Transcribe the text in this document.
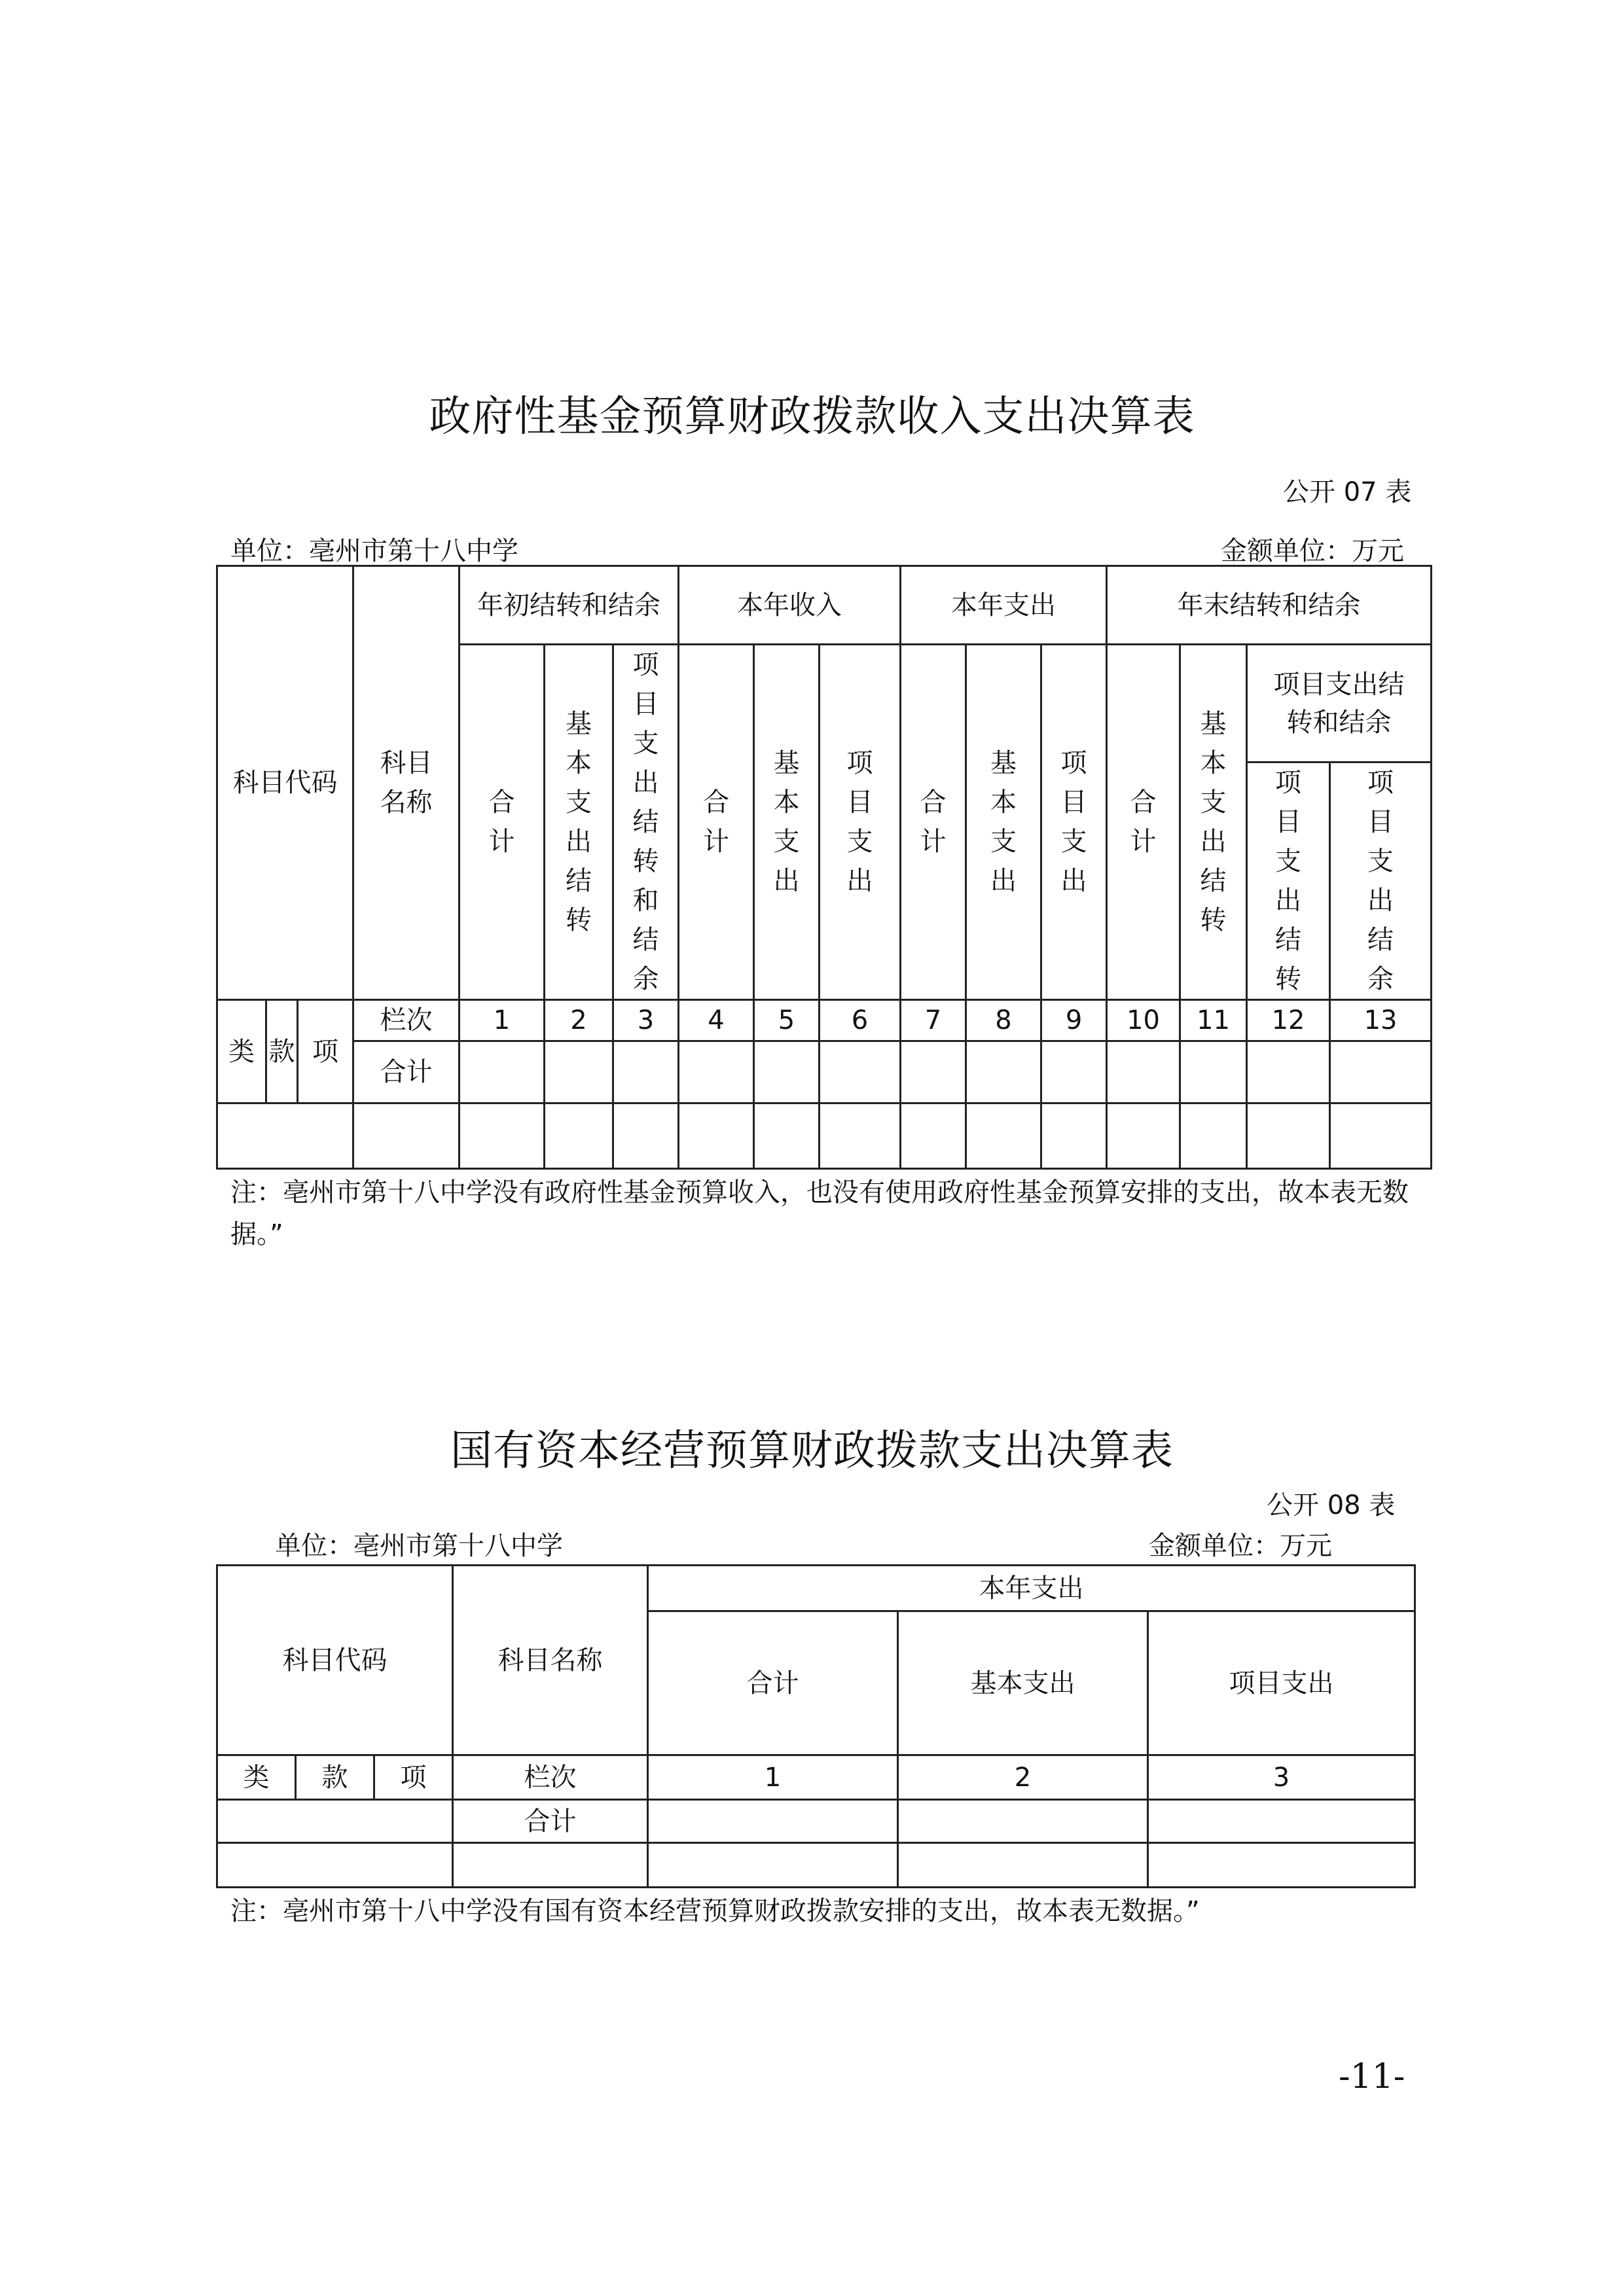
政府性基金预算财政拨款收入支出决算表
公开 07 表
单位：亳州市第十八中学	金额单位：万元
科目代码			科目名称	年初结转和结余			本年收入			本年支出			年末结转和结余			

				合计	基本支出结转	项目支出结转和结余	合计	基本支出	项目支出	合计	基本支出	项目支出	合计	基本支出结转	项目支出结转和结余	

															项目支出结转	项目支出结余

类	款	项	栏次	1	2	3	4	5	6	7	8	9	10	11	12	13
			合计													

注：亳州市第十八中学没有政府性基金预算收入，也没有使用政府性基金预算安排的支出，故本表无数据。”
国有资本经营预算财政拨款支出决算表
公开 08 表
单位：亳州市第十八中学	金额单位：万元
科目代码			科目名称	本年支出		
				合计	基本支出	项目支出
类	款	项	栏次	1	2	3
			合计			

注：亳州市第十八中学没有国有资本经营预算财政拨款安排的支出，故本表无数据。”
-11-
